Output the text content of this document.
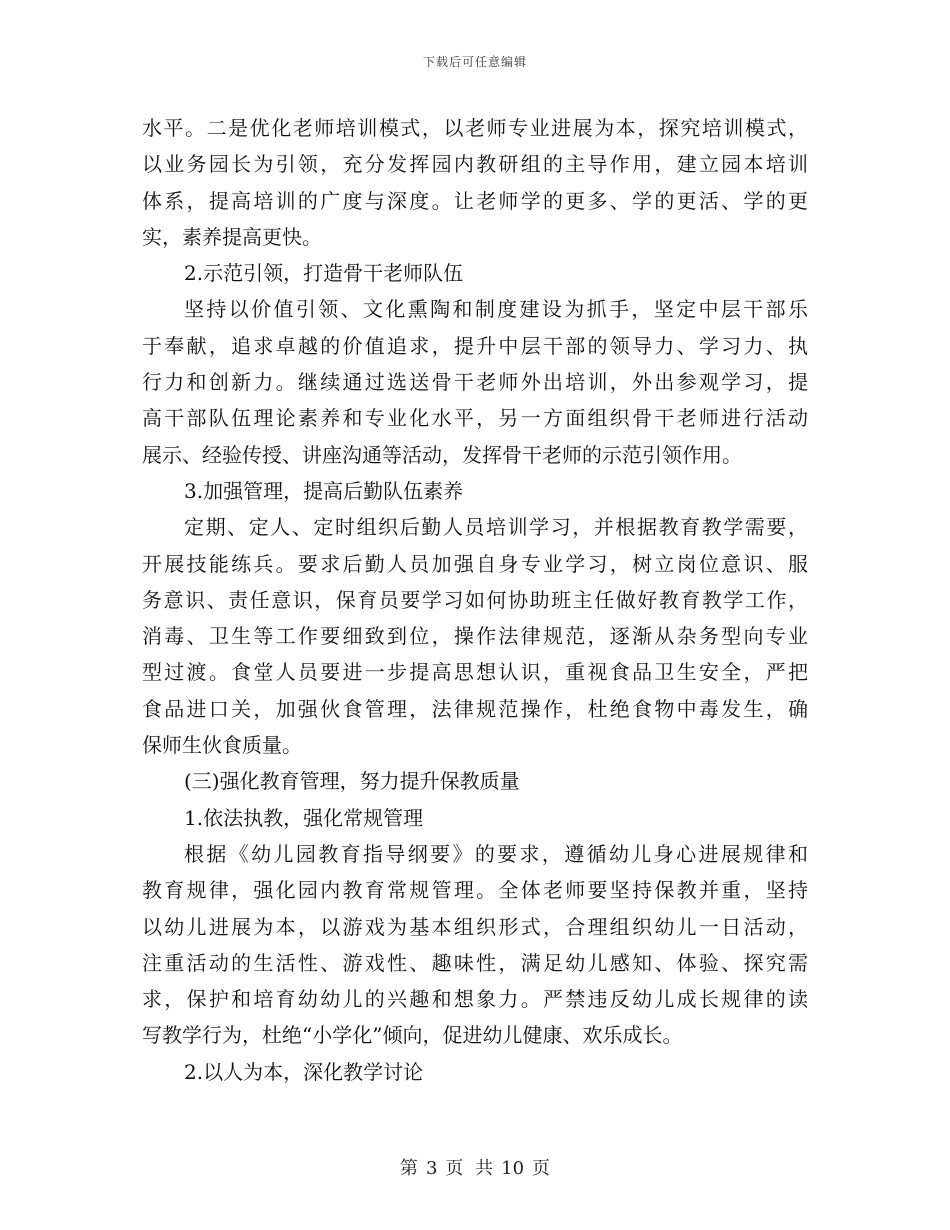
下载后可任意编辑
水平。二是优化老师培训模式，以老师专业进展为本，探究培训模式，
以业务园长为引领，充分发挥园内教研组的主导作用，建立园本培训
体系，提高培训的广度与深度。让老师学的更多、学的更活、学的更
实，素养提高更快。
2.示范引领，打造骨干老师队伍
坚持以价值引领、文化熏陶和制度建设为抓手，坚定中层干部乐
于奉献，追求卓越的价值追求，提升中层干部的领导力、学习力、执
行力和创新力。继续通过选送骨干老师外出培训，外出参观学习，提
高干部队伍理论素养和专业化水平，另一方面组织骨干老师进行活动
展示、经验传授、讲座沟通等活动，发挥骨干老师的示范引领作用。
3.加强管理，提高后勤队伍素养
定期、定人、定时组织后勤人员培训学习，并根据教育教学需要，
开展技能练兵。要求后勤人员加强自身专业学习，树立岗位意识、服
务意识、责任意识，保育员要学习如何协助班主任做好教育教学工作，
消毒、卫生等工作要细致到位，操作法律规范，逐渐从杂务型向专业
型过渡。食堂人员要进一步提高思想认识，重视食品卫生安全，严把
食品进口关，加强伙食管理，法律规范操作，杜绝食物中毒发生，确
保师生伙食质量。
(三)强化教育管理，努力提升保教质量
1.依法执教，强化常规管理
根据《幼儿园教育指导纲要》的要求，遵循幼儿身心进展规律和
教育规律，强化园内教育常规管理。全体老师要坚持保教并重，坚持
以幼儿进展为本，以游戏为基本组织形式，合理组织幼儿一日活动，
注重活动的生活性、游戏性、趣味性，满足幼儿感知、体验、探究需
求，保护和培育幼幼儿的兴趣和想象力。严禁违反幼儿成长规律的读
写教学行为，杜绝“小学化”倾向，促进幼儿健康、欢乐成长。
2.以人为本，深化教学讨论
第 3 页 共 10 页
